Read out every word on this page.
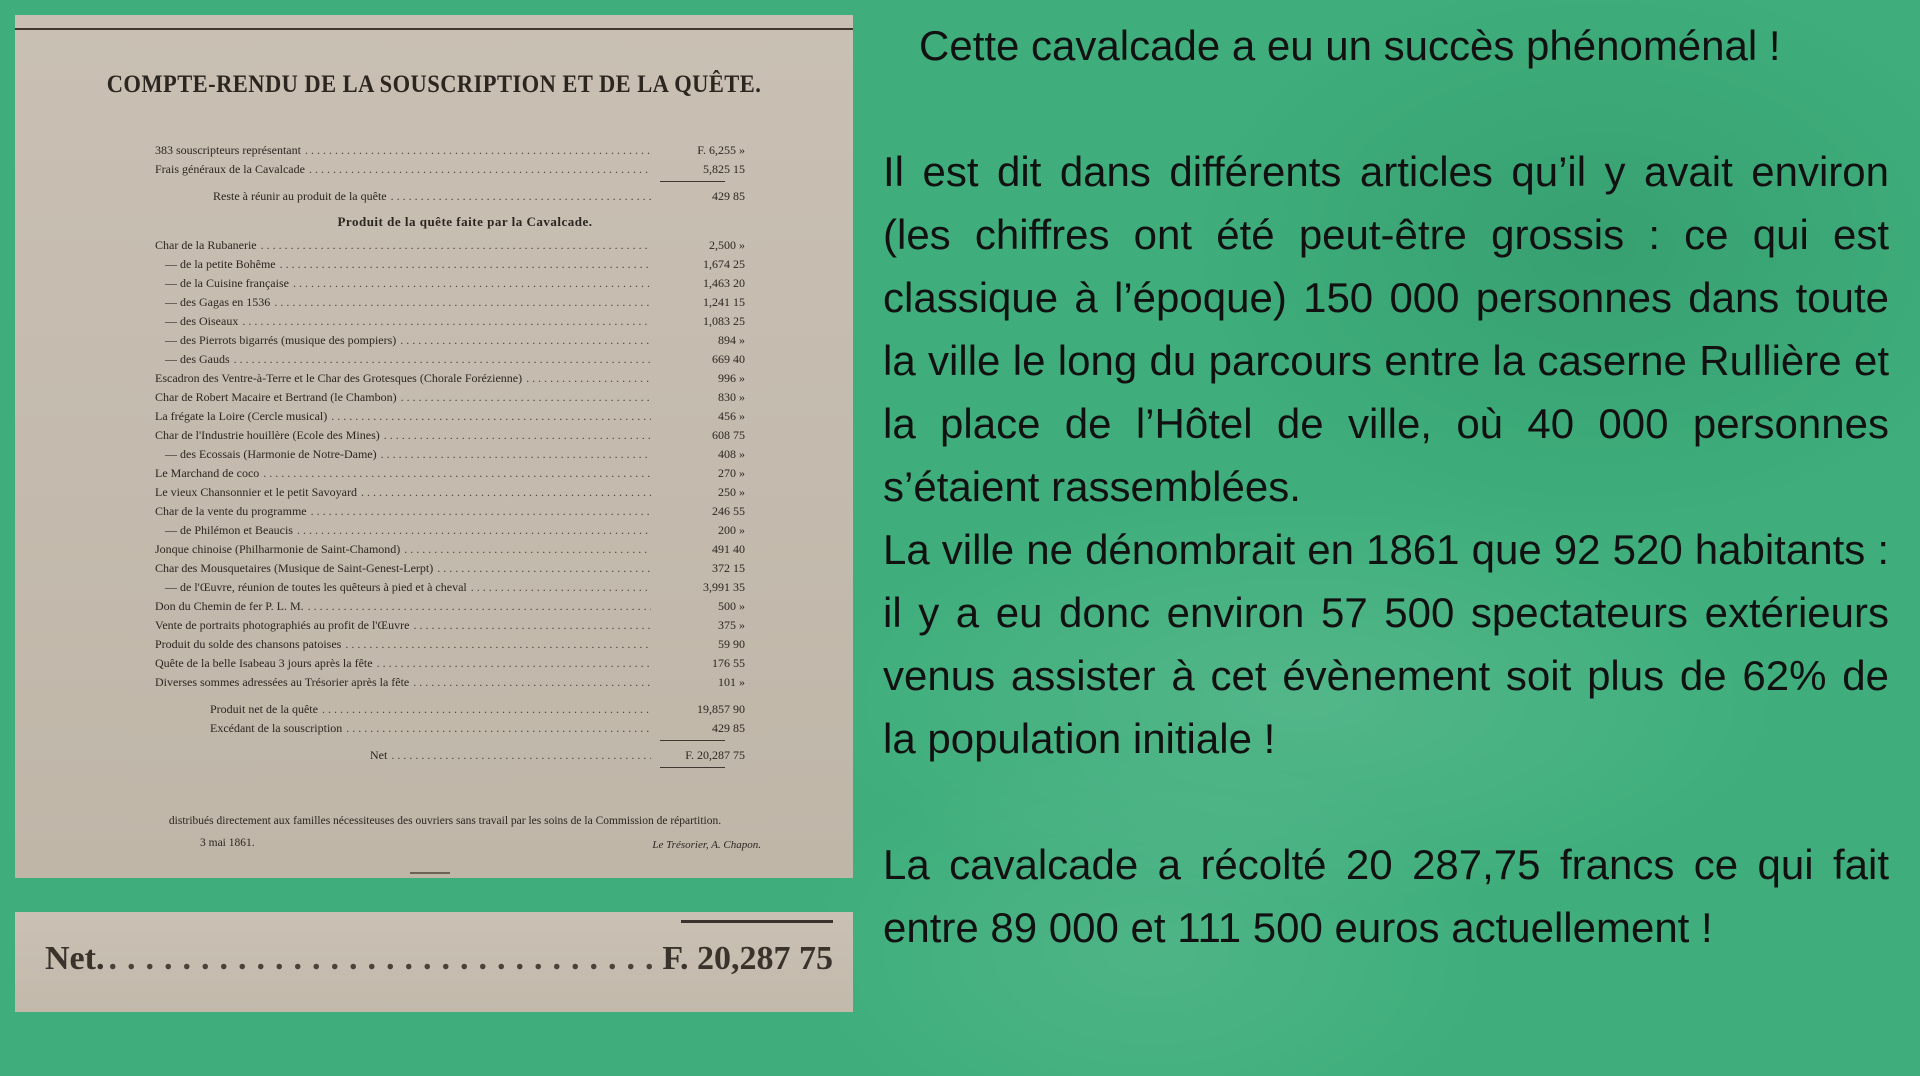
COMPTE-RENDU DE LA SOUSCRIPTION ET DE LA QUÊTE.
383 souscripteurs représentant .....	F. 6,255 »
Frais généraux de la Cavalcade .....	5,825 15
Reste à réunir au produit de la quête .....	429 85
Produit de la quête faite par la Cavalcade.
Char de la Rubanerie .....	2,500 »
— de la petite Bohême .....	1,674 25
— de la Cuisine française .....	1,463 20
— des Gagas en 1536 .....	1,241 15
— des Oiseaux .....	1,083 25
— des Pierrots bigarrés (musique des pompiers) .....	894 »
— des Gauds .....	669 40
Escadron des Ventre-à-Terre et le Char des Grotesques (Chorale Forézienne) .....	996 »
Char de Robert Macaire et Bertrand (le Chambon) .....	830 »
La frégate la Loire (Cercle musical) .....	456 »
Char de l'Industrie houillère (Ecole des Mines) .....	608 75
— des Ecossais (Harmonie de Notre-Dame) .....	408 »
Le Marchand de coco .....	270 »
Le vieux Chansonnier et le petit Savoyard .....	250 »
Char de la vente du programme .....	246 55
— de Philémon et Beaucis .....	200 »
Jonque chinoise (Philharmonie de Saint-Chamond) .....	491 40
Char des Mousquetaires (Musique de Saint-Genest-Lerpt) .....	372 15
— de l'Œuvre, réunion de toutes les quêteurs à pied et à cheval .....	3,991 35
Don du Chemin de fer P. L. M. .....	500 »
Vente de portraits photographiés au profit de l'Œuvre .....	375 »
Produit du solde des chansons patoises .....	59 90
Quête de la belle Isabeau 3 jours après la fête .....	176 55
Diverses sommes adressées au Trésorier après la fête .....	101 »
Produit net de la quête .....	19,857 90
Excédant de la souscription .....	429 85
Net .....	F. 20,287 75
distribués directement aux familles nécessiteuses des ouvriers sans travail par les soins de la Commission de répartition.
3 mai 1861.	Le Trésorier, A. Chapon.
Net. .....	F. 20,287 75

Cette cavalcade a eu un succès phénoménal !

Il est dit dans différents articles qu’il y avait environ (les chiffres ont été peut-être grossis : ce qui est classique à l’époque) 150 000 personnes dans toute la ville le long du parcours entre la caserne Rullière et la place de l’Hôtel de ville, où 40 000 personnes s’étaient rassemblées.

La ville ne dénombrait en 1861 que 92 520 habitants : il y a eu donc environ 57 500 spectateurs extérieurs venus assister à cet évènement soit plus de 62% de la population initiale !

La cavalcade a récolté 20 287,75 francs ce qui fait entre 89 000 et 111 500 euros actuellement !
